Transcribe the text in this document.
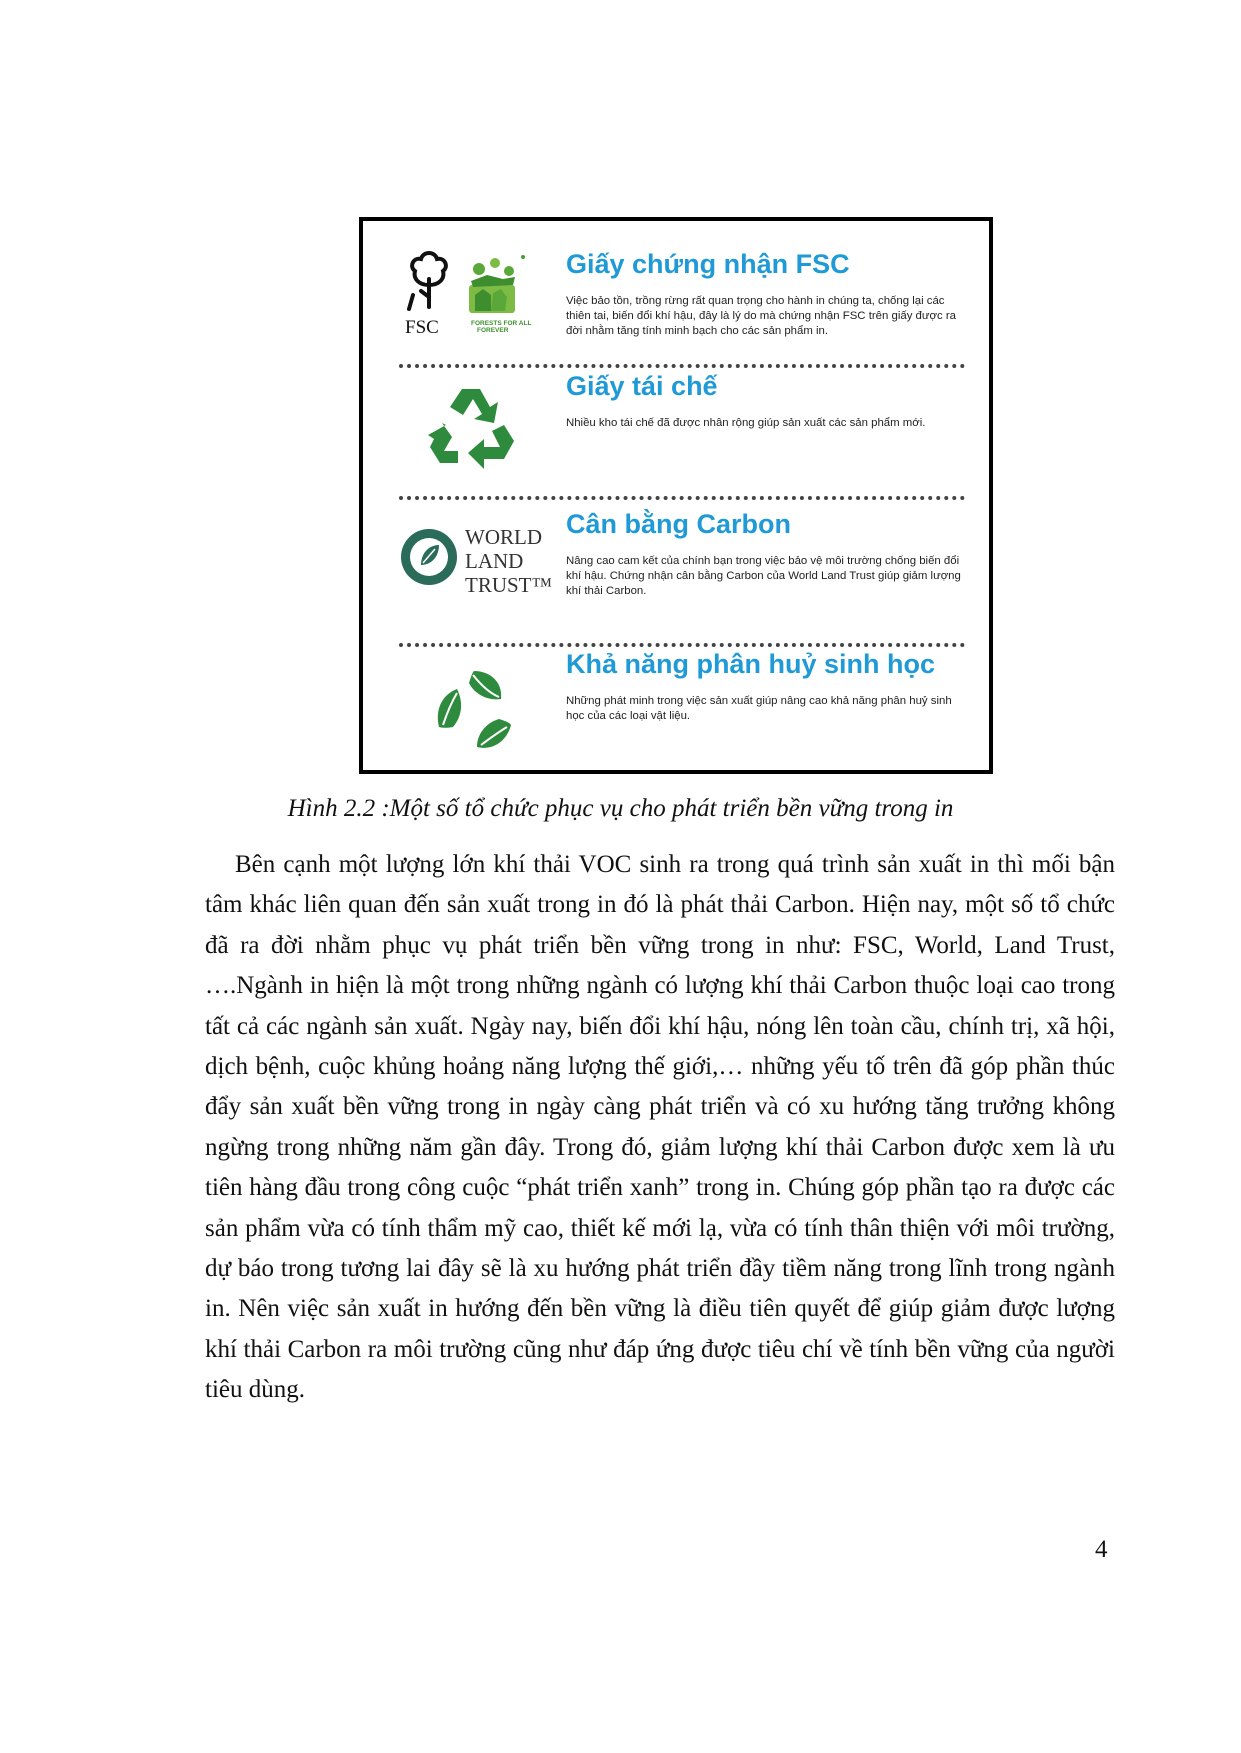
FSC	FORESTS FOR ALL
FOREVER
Giấy chứng nhận FSC
Việc bảo tồn, trồng rừng rất quan trọng cho hành in chúng ta, chống lại các thiên tai, biến đổi khí hậu, đây là lý do mà chứng nhận FSC trên giấy được ra đời nhằm tăng tính minh bạch cho các sản phẩm in.
Giấy tái chế
Nhiều kho tái chế đã được nhân rộng giúp sản xuất các sản phẩm mới.
WORLD
LAND
TRUST™
Cân bằng Carbon
Nâng cao cam kết của chính bạn trong việc bảo vệ môi trường chống biến đổi khí hậu. Chứng nhận cân bằng Carbon của World Land Trust giúp giảm lượng khí thải Carbon.
Khả năng phân huỷ sinh học
Những phát minh trong việc sản xuất giúp nâng cao khả năng phân huỷ sinh học của các loại vật liệu.
Hình 2.2 :Một số tổ chức phục vụ cho phát triển bền vững trong in
Bên cạnh một lượng lớn khí thải VOC sinh ra trong quá trình sản xuất in thì mối bận tâm khác liên quan đến sản xuất trong in đó là phát thải Carbon. Hiện nay, một số tổ chức đã ra đời nhằm phục vụ phát triển bền vững trong in như: FSC, World, Land Trust, ….Ngành in hiện là một trong những ngành có lượng khí thải Carbon thuộc loại cao trong tất cả các ngành sản xuất. Ngày nay, biến đổi khí hậu, nóng lên toàn cầu, chính trị, xã hội, dịch bệnh, cuộc khủng hoảng năng lượng thế giới,… những yếu tố trên đã góp phần thúc đẩy sản xuất bền vững trong in ngày càng phát triển và có xu hướng tăng trưởng không ngừng trong những năm gần đây. Trong đó, giảm lượng khí thải Carbon được xem là ưu tiên hàng đầu trong công cuộc “phát triển xanh” trong in. Chúng góp phần tạo ra được các sản phẩm vừa có tính thẩm mỹ cao, thiết kế mới lạ, vừa có tính thân thiện với môi trường, dự báo trong tương lai đây sẽ là xu hướng phát triển đầy tiềm năng trong lĩnh trong ngành in. Nên việc sản xuất in hướng đến bền vững là điều tiên quyết để giúp giảm được lượng khí thải Carbon ra môi trường cũng như đáp ứng được tiêu chí về tính bền vững của người tiêu dùng.
4
